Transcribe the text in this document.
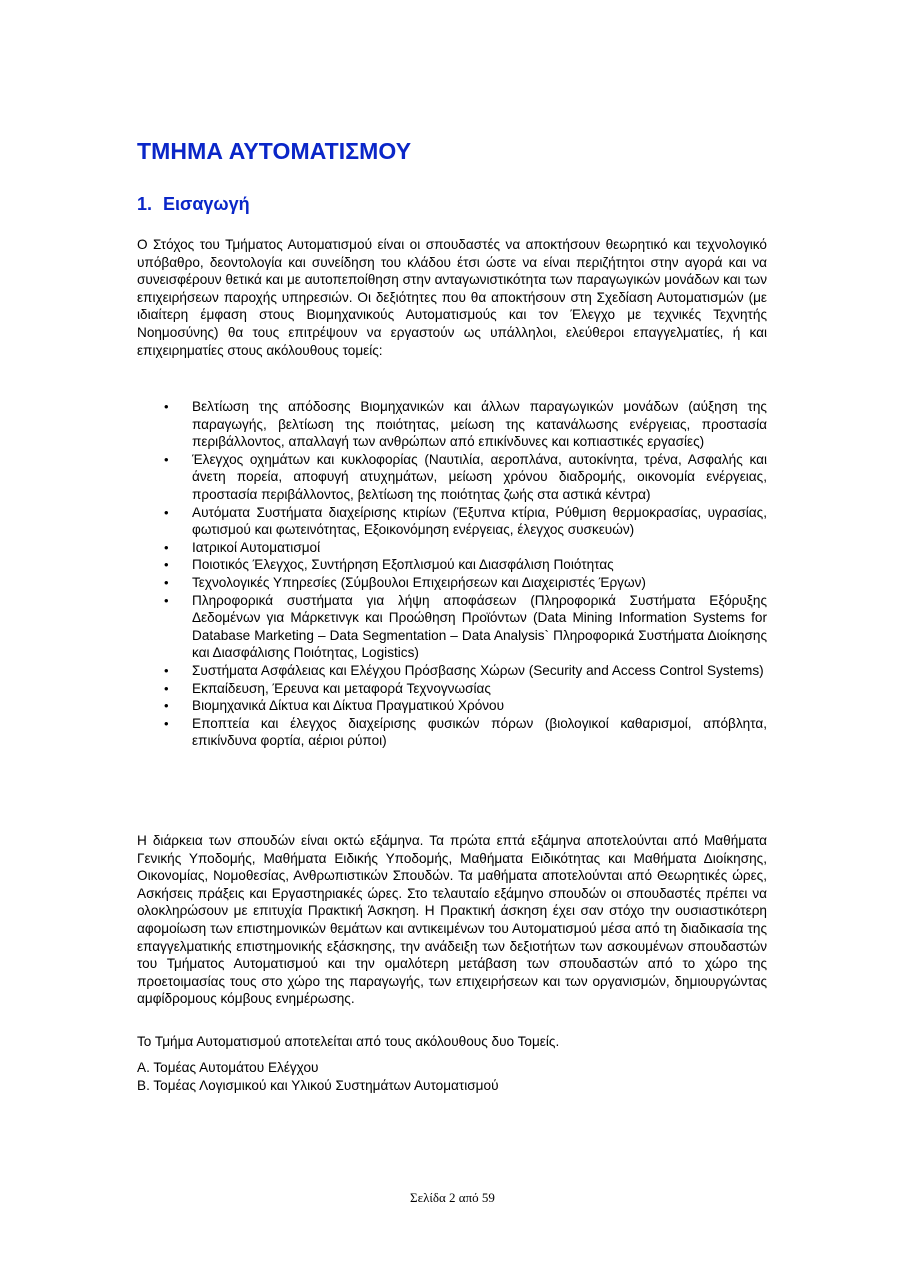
ΤΜΗΜΑ ΑΥΤΟΜΑΤΙΣΜΟΥ
1. Εισαγωγή

Ο Στόχος του Τμήματος Αυτοματισμού είναι οι σπουδαστές να αποκτήσουν θεωρητικό και τεχνολογικό υπόβαθρο, δεοντολογία και συνείδηση του κλάδου έτσι ώστε να είναι περιζήτητοι στην αγορά και να συνεισφέρουν θετικά και με αυτοπεποίθηση στην ανταγωνιστικότητα των παραγωγικών μονάδων και των επιχειρήσεων παροχής υπηρεσιών. Οι δεξιότητες που θα αποκτήσουν στη Σχεδίαση Αυτοματισμών (με ιδιαίτερη έμφαση στους Βιομηχανικούς Αυτοματισμούς και τον Έλεγχο με τεχνικές Τεχνητής Νοημοσύνης) θα τους επιτρέψουν να εργαστούν ως υπάλληλοι, ελεύθεροι επαγγελματίες, ή και επιχειρηματίες στους ακόλουθους τομείς:

• Βελτίωση της απόδοσης Βιομηχανικών και άλλων παραγωγικών μονάδων (αύξηση της παραγωγής, βελτίωση της ποιότητας, μείωση της κατανάλωσης ενέργειας, προστασία περιβάλλοντος, απαλλαγή των ανθρώπων από επικίνδυνες και κοπιαστικές εργασίες)
• Έλεγχος οχημάτων και κυκλοφορίας (Ναυτιλία, αεροπλάνα, αυτοκίνητα, τρένα, Ασφαλής και άνετη πορεία, αποφυγή ατυχημάτων, μείωση χρόνου διαδρομής, οικονομία ενέργειας, προστασία περιβάλλοντος, βελτίωση της ποιότητας ζωής στα αστικά κέντρα)
• Αυτόματα Συστήματα διαχείρισης κτιρίων (Έξυπνα κτίρια, Ρύθμιση θερμοκρασίας, υγρασίας, φωτισμού και φωτεινότητας, Εξοικονόμηση ενέργειας, έλεγχος συσκευών)
• Ιατρικοί Αυτοματισμοί
• Ποιοτικός Έλεγχος, Συντήρηση Εξοπλισμού και Διασφάλιση Ποιότητας
• Τεχνολογικές Υπηρεσίες (Σύμβουλοι Επιχειρήσεων και Διαχειριστές Έργων)
• Πληροφορικά συστήματα για λήψη αποφάσεων (Πληροφορικά Συστήματα Εξόρυξης Δεδομένων για Μάρκετινγκ και Προώθηση Προϊόντων (Data Mining Information Systems for Database Marketing – Data Segmentation – Data Analysis` Πληροφορικά Συστήματα Διοίκησης και Διασφάλισης Ποιότητας, Logistics)
• Συστήματα Ασφάλειας και Ελέγχου Πρόσβασης Χώρων (Security and Access Control Systems)
• Εκπαίδευση, Έρευνα και μεταφορά Τεχνογνωσίας
• Βιομηχανικά Δίκτυα και Δίκτυα Πραγματικού Χρόνου
• Εποπτεία και έλεγχος διαχείρισης φυσικών πόρων (βιολογικοί καθαρισμοί, απόβλητα, επικίνδυνα φορτία, αέριοι ρύποι)

Η διάρκεια των σπουδών είναι οκτώ εξάμηνα. Τα πρώτα επτά εξάμηνα αποτελούνται από Μαθήματα Γενικής Υποδομής, Μαθήματα Ειδικής Υποδομής, Μαθήματα Ειδικότητας και Μαθήματα Διοίκησης, Οικονομίας, Νομοθεσίας, Ανθρωπιστικών Σπουδών. Τα μαθήματα αποτελούνται από Θεωρητικές ώρες, Ασκήσεις πράξεις και Εργαστηριακές ώρες. Στο τελαυταίο εξάμηνο σπουδών οι σπουδαστές πρέπει να ολοκληρώσουν με επιτυχία Πρακτική Άσκηση. Η Πρακτική άσκηση έχει σαν στόχο την ουσιαστικότερη αφομοίωση των επιστημονικών θεμάτων και αντικειμένων του Αυτοματισμού μέσα από τη διαδικασία της επαγγελματικής επιστημονικής εξάσκησης, την ανάδειξη των δεξιοτήτων των ασκουμένων σπουδαστών του Τμήματος Αυτοματισμού και την ομαλότερη μετάβαση των σπουδαστών από το χώρο της προετοιμασίας τους στο χώρο της παραγωγής, των επιχειρήσεων και των οργανισμών, δημιουργώντας αμφίδρομους κόμβους ενημέρωσης.

Το Τμήμα Αυτοματισμού αποτελείται από τους ακόλουθους δυο Τομείς.

Α. Τομέας Αυτομάτου Ελέγχου

Β. Τομέας Λογισμικού και Υλικού Συστημάτων Αυτοματισμού

Σελίδα 2 από 59
